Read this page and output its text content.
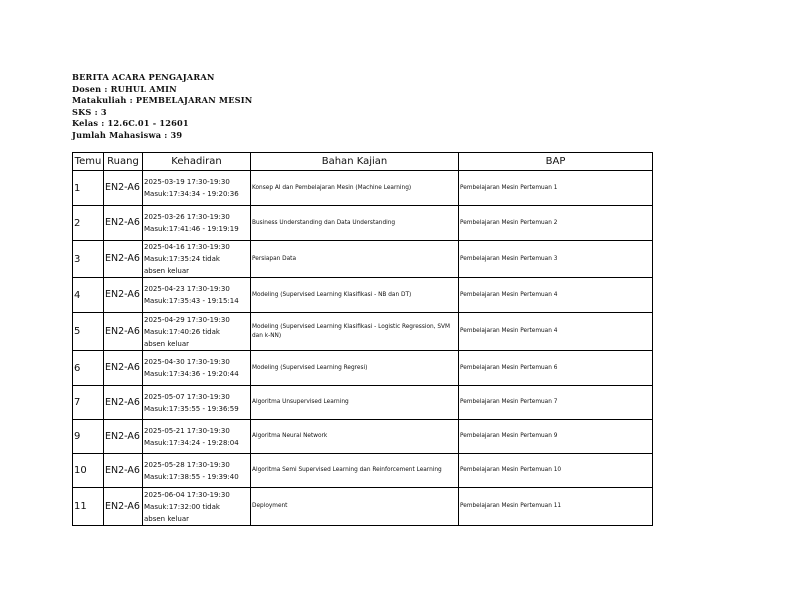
BERITA ACARA PENGAJARAN
Dosen : RUHUL AMIN
Matakuliah : PEMBELAJARAN MESIN
SKS : 3
Kelas : 12.6C.01 - 12601
Jumlah Mahasiswa : 39
Temu	Ruang	Kehadiran	Bahan Kajian	BAP
1	EN2-A6	2025-03-19 17:30-19:30
Masuk:17:34:34 - 19:20:36	Konsep AI dan Pembelajaran Mesin (Machine Learning)	Pembelajaran Mesin Pertemuan 1
2	EN2-A6	2025-03-26 17:30-19:30
Masuk:17:41:46 - 19:19:19	Business Understanding dan Data Understanding	Pembelajaran Mesin Pertemuan 2
3	EN2-A6	2025-04-16 17:30-19:30
Masuk:17:35:24 tidak
absen keluar	Persiapan Data	Pembelajaran Mesin Pertemuan 3
4	EN2-A6	2025-04-23 17:30-19:30
Masuk:17:35:43 - 19:15:14	Modeling (Supervised Learning Klasifikasi - NB dan DT)	Pembelajaran Mesin Pertemuan 4
5	EN2-A6	2025-04-29 17:30-19:30
Masuk:17:40:26 tidak
absen keluar	Modeling (Supervised Learning Klasifikasi - Logistic Regression, SVM dan k-NN)	Pembelajaran Mesin Pertemuan 4
6	EN2-A6	2025-04-30 17:30-19:30
Masuk:17:34:36 - 19:20:44	Modeling (Supervised Learning Regresi)	Pembelajaran Mesin Pertemuan 6
7	EN2-A6	2025-05-07 17:30-19:30
Masuk:17:35:55 - 19:36:59	Algoritma Unsupervised Learning	Pembelajaran Mesin Pertemuan 7
9	EN2-A6	2025-05-21 17:30-19:30
Masuk:17:34:24 - 19:28:04	Algoritma Neural Network	Pembelajaran Mesin Pertemuan 9
10	EN2-A6	2025-05-28 17:30-19:30
Masuk:17:38:55 - 19:39:40	Algoritma Semi Supervised Learning dan Reinforcement Learning	Pembelajaran Mesin Pertemuan 10
11	EN2-A6	2025-06-04 17:30-19:30
Masuk:17:32:00 tidak
absen keluar	Deployment	Pembelajaran Mesin Pertemuan 11
